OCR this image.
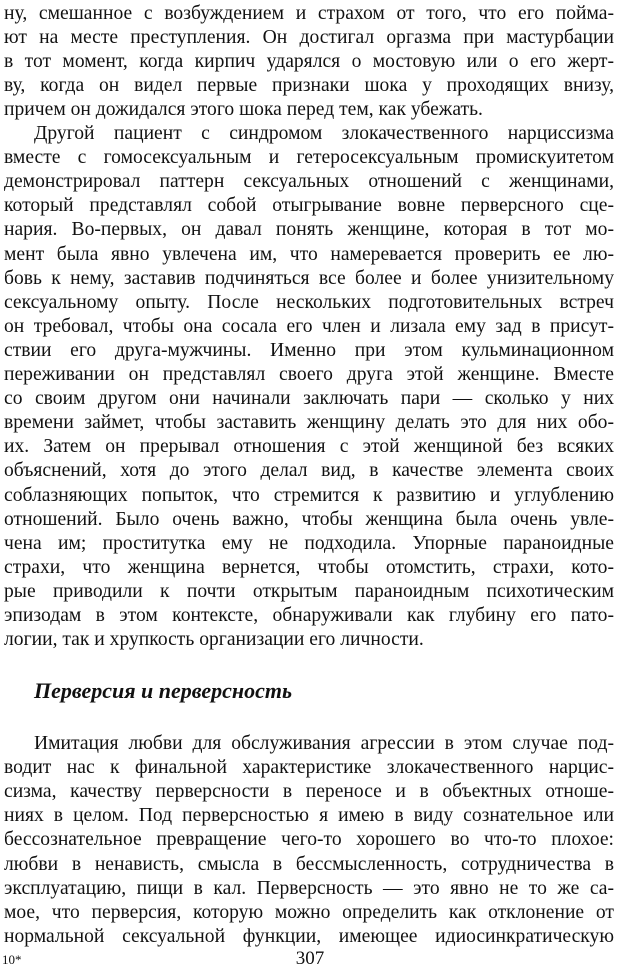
ну, смешанное с возбуждением и страхом от того, что его пойма-
ют на месте преступления. Он достигал оргазма при мастурбации
в тот момент, когда кирпич ударялся о мостовую или о его жерт-
ву, когда он видел первые признаки шока у проходящих внизу,
причем он дожидался этого шока перед тем, как убежать.
Другой пациент с синдромом злокачественного нарциссизма
вместе с гомосексуальным и гетеросексуальным промискуитетом
демонстрировал паттерн сексуальных отношений с женщинами,
который представлял собой отыгрывание вовне перверсного сце-
нария. Во-первых, он давал понять женщине, которая в тот мо-
мент была явно увлечена им, что намеревается проверить ее лю-
бовь к нему, заставив подчиняться все более и более унизительному
сексуальному опыту. После нескольких подготовительных встреч
он требовал, чтобы она сосала его член и лизала ему зад в присут-
ствии его друга-мужчины. Именно при этом кульминационном
переживании он представлял своего друга этой женщине. Вместе
со своим другом они начинали заключать пари — сколько у них
времени займет, чтобы заставить женщину делать это для них обо-
их. Затем он прерывал отношения с этой женщиной без всяких
объяснений, хотя до этого делал вид, в качестве элемента своих
соблазняющих попыток, что стремится к развитию и углублению
отношений. Было очень важно, чтобы женщина была очень увле-
чена им; проститутка ему не подходила. Упорные параноидные
страхи, что женщина вернется, чтобы отомстить, страхи, кото-
рые приводили к почти открытым параноидным психотическим
эпизодам в этом контексте, обнаруживали как глубину его пато-
логии, так и хрупкость организации его личности.
Перверсия и перверсность
Имитация любви для обслуживания агрессии в этом случае под-
водит нас к финальной характеристике злокачественного нарцис-
сизма, качеству перверсности в переносе и в объектных отноше-
ниях в целом. Под перверсностью я имею в виду сознательное или
бессознательное превращение чего-то хорошего во что-то плохое:
любви в ненависть, смысла в бессмысленность, сотрудничества в
эксплуатацию, пищи в кал. Перверсность — это явно не то же са-
мое, что перверсия, которую можно определить как отклонение от
нормальной сексуальной функции, имеющее идиосинкратическую
10*	307
